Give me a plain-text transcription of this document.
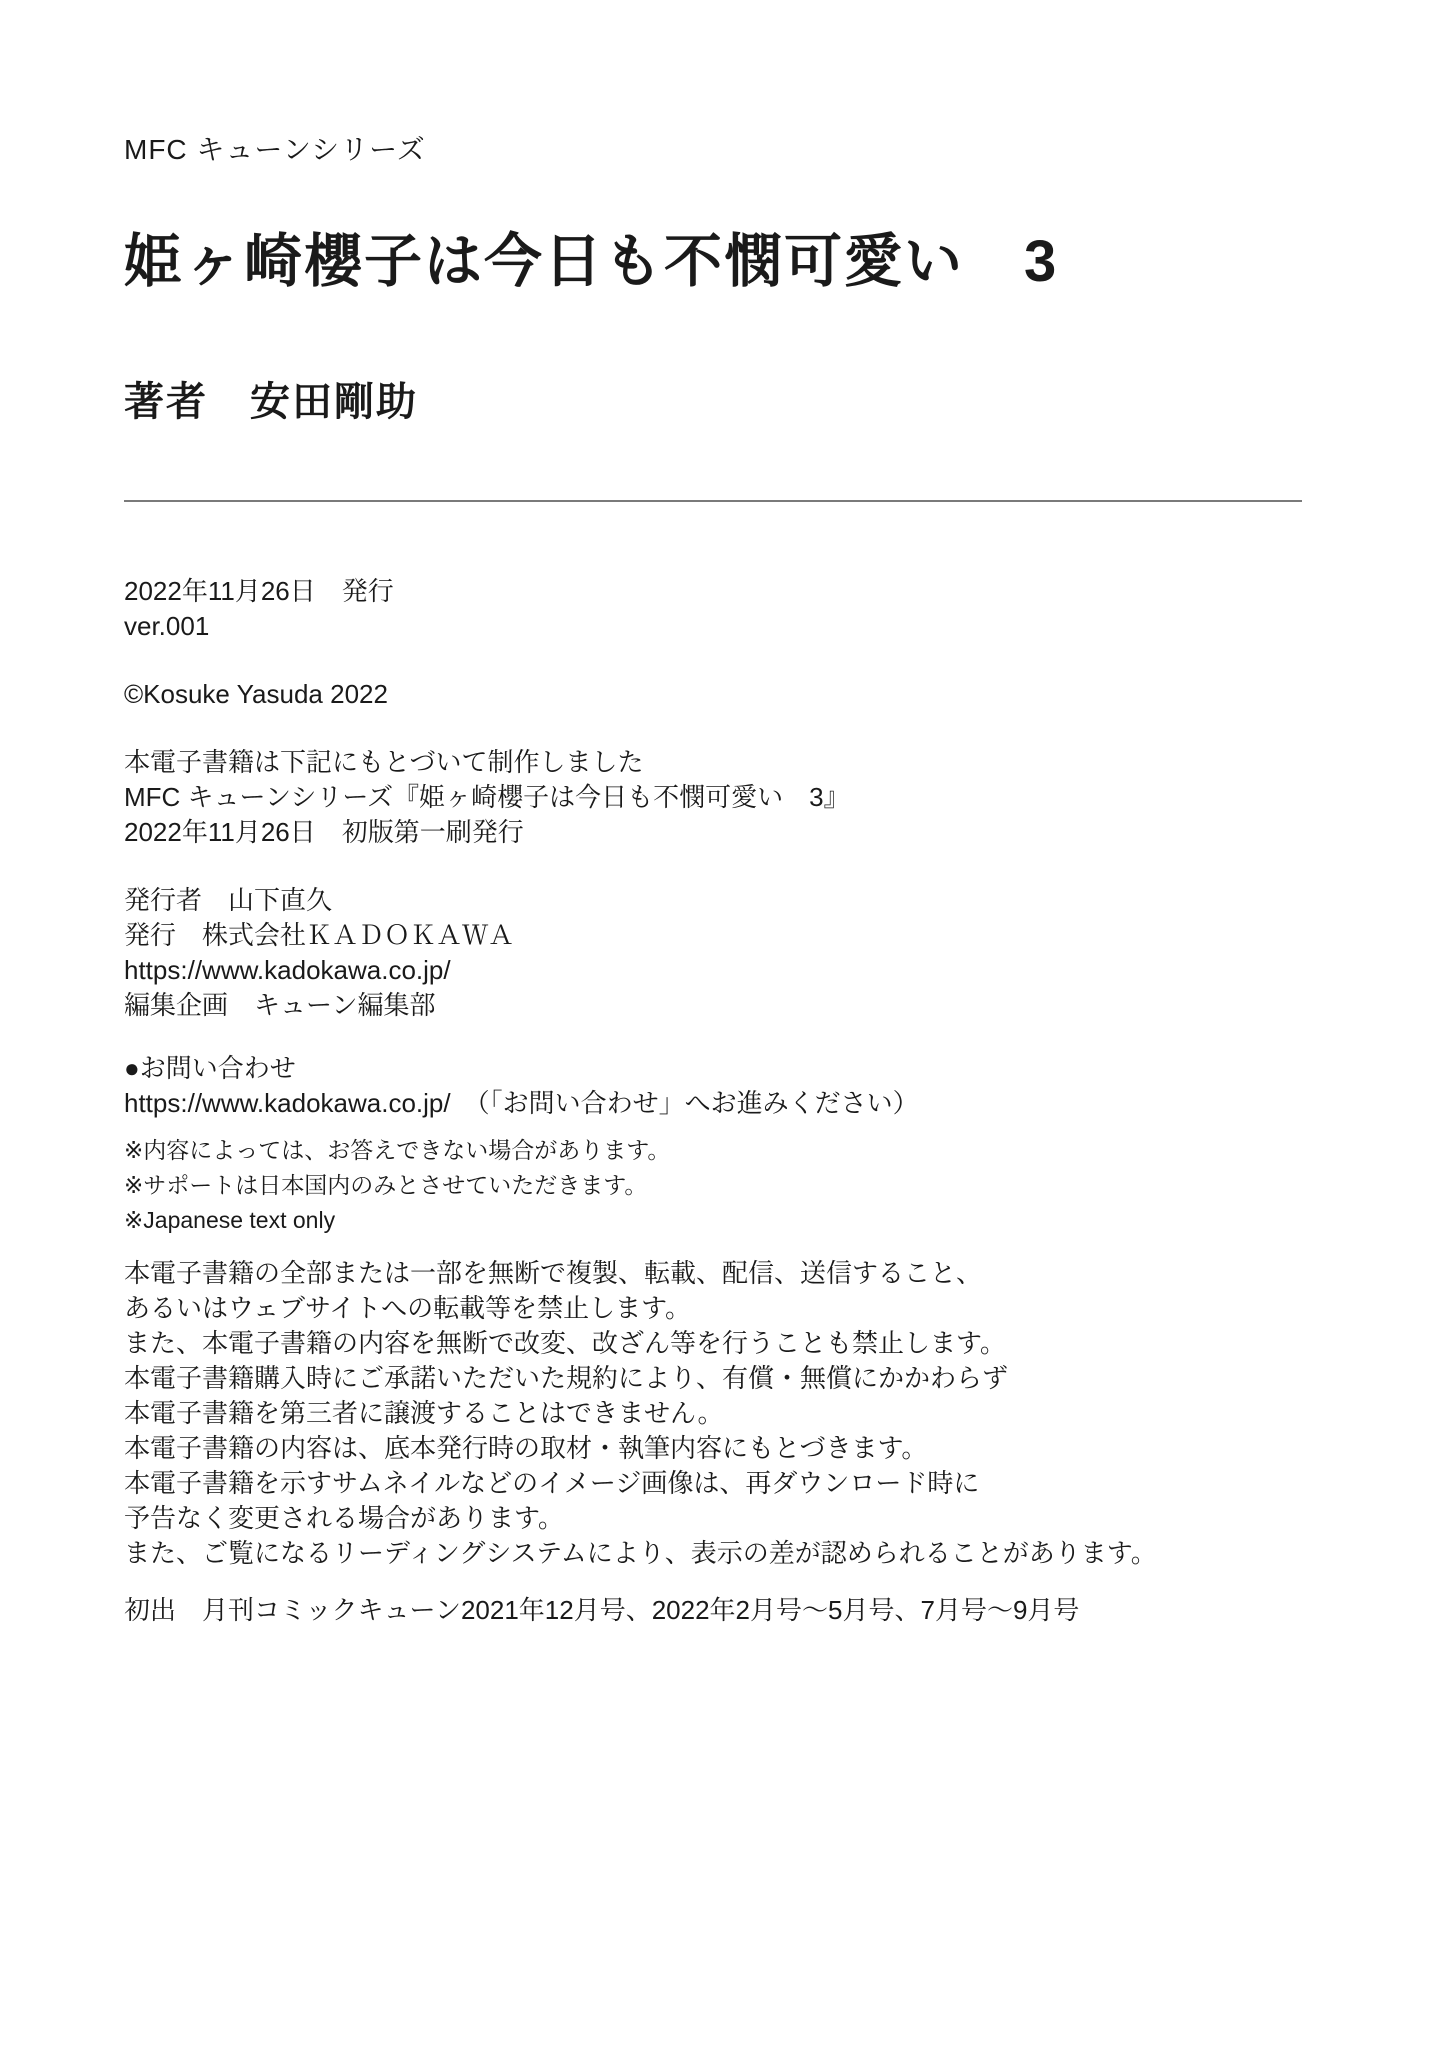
MFC キューンシリーズ
姫ヶ崎櫻子は今日も不憫可愛い　3
著者　安田剛助
2022年11月26日　発行
ver.001
©Kosuke Yasuda 2022
本電子書籍は下記にもとづいて制作しました
MFC キューンシリーズ『姫ヶ崎櫻子は今日も不憫可愛い　3』
2022年11月26日　初版第一刷発行
発行者　山下直久
発行　株式会社ＫＡＤＯＫＡＷＡ
https://www.kadokawa.co.jp/
編集企画　キューン編集部
●お問い合わせ
https://www.kadokawa.co.jp/　（「お問い合わせ」へお進みください）
※内容によっては、お答えできない場合があります。
※サポートは日本国内のみとさせていただきます。
※Japanese text only
本電子書籍の全部または一部を無断で複製、転載、配信、送信すること、
あるいはウェブサイトへの転載等を禁止します。
また、本電子書籍の内容を無断で改変、改ざん等を行うことも禁止します。
本電子書籍購入時にご承諾いただいた規約により、有償・無償にかかわらず
本電子書籍を第三者に譲渡することはできません。
本電子書籍の内容は、底本発行時の取材・執筆内容にもとづきます。
本電子書籍を示すサムネイルなどのイメージ画像は、再ダウンロード時に
予告なく変更される場合があります。
また、ご覧になるリーディングシステムにより、表示の差が認められることがあります。
初出　月刊コミックキューン2021年12月号、2022年2月号～5月号、7月号～9月号
